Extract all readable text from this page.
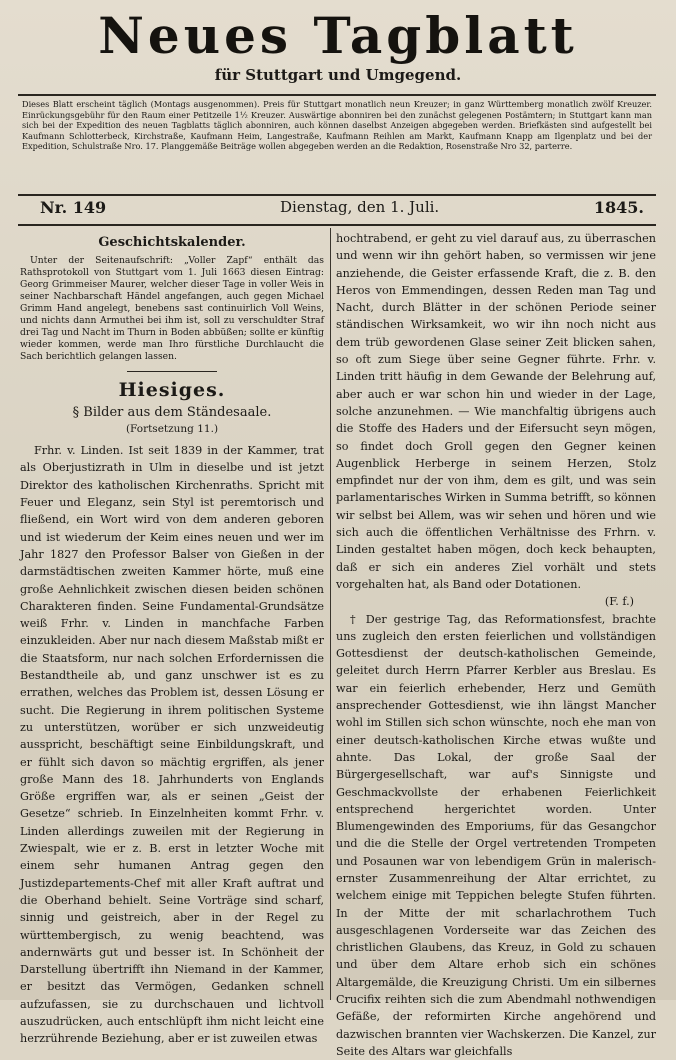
Neues Tagblatt
für Stuttgart und Umgegend.

Dieses Blatt erscheint täglich (Montags ausgenommen). Preis für Stuttgart monatlich neun Kreuzer; in ganz Württemberg monatlich zwölf Kreuzer. Einrückungsgebühr für den Raum einer Petitzeile 1½ Kreuzer. Auswärtige abonniren bei den zunächst gelegenen Postämtern; in Stuttgart kann man sich bei der Expedition des neuen Tagblatts täglich abonniren, auch können daselbst Anzeigen abgegeben werden. Briefkästen sind aufgestellt bei Kaufmann Schlotterbeck, Kirchstraße, Kaufmann Heim, Langestraße, Kaufmann Reihlen am Markt, Kaufmann Knapp am Ilgenplatz und bei der Expedition, Schulstraße Nro. 17. Planggemäße Beiträge wollen abgegeben werden an die Redaktion, Rosenstraße Nro 32, parterre.

Nr. 149	Dienstag, den 1. Juli.	1845.
Geschichtskalender.

Unter der Seitenaufschrift: „Voller Zapf“ enthält das Rathsprotokoll von Stuttgart vom 1. Juli 1663 diesen Eintrag: Georg Grimmeiser Maurer, welcher dieser Tage in voller Weis in seiner Nachbarschaft Händel angefangen, auch gegen Michael Grimm Hand angelegt, benebens sast continuirlich Voll Weins, und nichts dann Armuthei bei ihm ist, soll zu verschuldter Straf drei Tag und Nacht im Thurn in Boden abbüßen; sollte er künftig wieder kommen, werde man Ihro fürstliche Durchlaucht die Sach berichtlich gelangen lassen.

Hiesiges.
§ Bilder aus dem Ständesaale.
(Fortsetzung 11.)

Frhr. v. Linden. Ist seit 1839 in der Kammer, trat als Oberjustizrath in Ulm in dieselbe und ist jetzt Direktor des katholischen Kirchenraths. Spricht mit Feuer und Eleganz, sein Styl ist peremtorisch und fließend, ein Wort wird von dem anderen geboren und ist wiederum der Keim eines neuen und wer im Jahr 1827 den Professor Balser von Gießen in der darmstädtischen zweiten Kammer hörte, muß eine große Aehnlichkeit zwischen diesen beiden schönen Charakteren finden. Seine Fundamental-Grundsätze weiß Frhr. v. Linden in manchfache Farben einzukleiden. Aber nur nach diesem Maßstab mißt er die Staatsform, nur nach solchen Erfordernissen die Bestandtheile ab, und ganz unschwer ist es zu errathen, welches das Problem ist, dessen Lösung er sucht. Die Regierung in ihrem politischen Systeme zu unterstützen, worüber er sich unzweideutig ausspricht, beschäftigt seine Einbildungskraft, und er fühlt sich davon so mächtig ergriffen, als jener große Mann des 18. Jahrhunderts von Englands Größe ergriffen war, als er seinen „Geist der Gesetze“ schrieb. In Einzelnheiten kommt Frhr. v. Linden allerdings zuweilen mit der Regierung in Zwiespalt, wie er z. B. erst in letzter Woche mit einem sehr humanen Antrag gegen den Justizdepartements-Chef mit aller Kraft auftrat und die Oberhand behielt. Seine Vorträge sind scharf, sinnig und geistreich, aber in der Regel zu württembergisch, zu wenig beachtend, was andernwärts gut und besser ist. In Schönheit der Darstellung übertrifft ihn Niemand in der Kammer, er besitzt das Vermögen, Gedanken schnell aufzufassen, sie zu durchschauen und lichtvoll auszudrücken, auch entschlüpft ihm nicht leicht eine herzrührende Beziehung, aber er ist zuweilen etwas

hochtrabend, er geht zu viel darauf aus, zu überraschen und wenn wir ihn gehört haben, so vermissen wir jene anziehende, die Geister erfassende Kraft, die z. B. den Heros von Emmendingen, dessen Reden man Tag und Nacht, durch Blätter in der schönen Periode seiner ständischen Wirksamkeit, wo wir ihn noch nicht aus dem trüb gewordenen Glase seiner Zeit blicken sahen, so oft zum Siege über seine Gegner führte. Frhr. v. Linden tritt häufig in dem Gewande der Belehrung auf, aber auch er war schon hin und wieder in der Lage, solche anzunehmen. — Wie manchfaltig übrigens auch die Stoffe des Haders und der Eifersucht seyn mögen, so findet doch Groll gegen den Gegner keinen Augenblick Herberge in seinem Herzen, Stolz empfindet nur der von ihm, dem es gilt, und was sein parlamentarisches Wirken in Summa betrifft, so können wir selbst bei Allem, was wir sehen und hören und wie sich auch die öffentlichen Verhältnisse des Frhrn. v. Linden gestaltet haben mögen, doch keck behaupten, daß er sich ein anderes Ziel vorhält und stets vorgehalten hat, als Band oder Dotationen.

(F. f.)

† Der gestrige Tag, das Reformationsfest, brachte uns zugleich den ersten feierlichen und vollständigen Gottesdienst der deutsch-katholischen Gemeinde, geleitet durch Herrn Pfarrer Kerbler aus Breslau. Es war ein feierlich erhebender, Herz und Gemüth ansprechender Gottesdienst, wie ihn längst Mancher wohl im Stillen sich schon wünschte, noch ehe man von einer deutsch-katholischen Kirche etwas wußte und ahnte. Das Lokal, der große Saal der Bürgergesellschaft, war auf's Sinnigste und Geschmackvollste der erhabenen Feierlichkeit entsprechend hergerichtet worden. Unter Blumengewinden des Emporiums, für das Gesangchor und die die Stelle der Orgel vertretenden Trompeten und Posaunen war von lebendigem Grün in malerisch-ernster Zusammenreihung der Altar errichtet, zu welchem einige mit Teppichen belegte Stufen führten. In der Mitte der mit scharlachrothem Tuch ausgeschlagenen Vorderseite war das Zeichen des christlichen Glaubens, das Kreuz, in Gold zu schauen und über dem Altare erhob sich ein schönes Altargemälde, die Kreuzigung Christi. Um ein silbernes Crucifix reihten sich die zum Abendmahl nothwendigen Gefäße, der reformirten Kirche angehörend und dazwischen brannten vier Wachskerzen. Die Kanzel, zur Seite des Altars war gleichfalls
